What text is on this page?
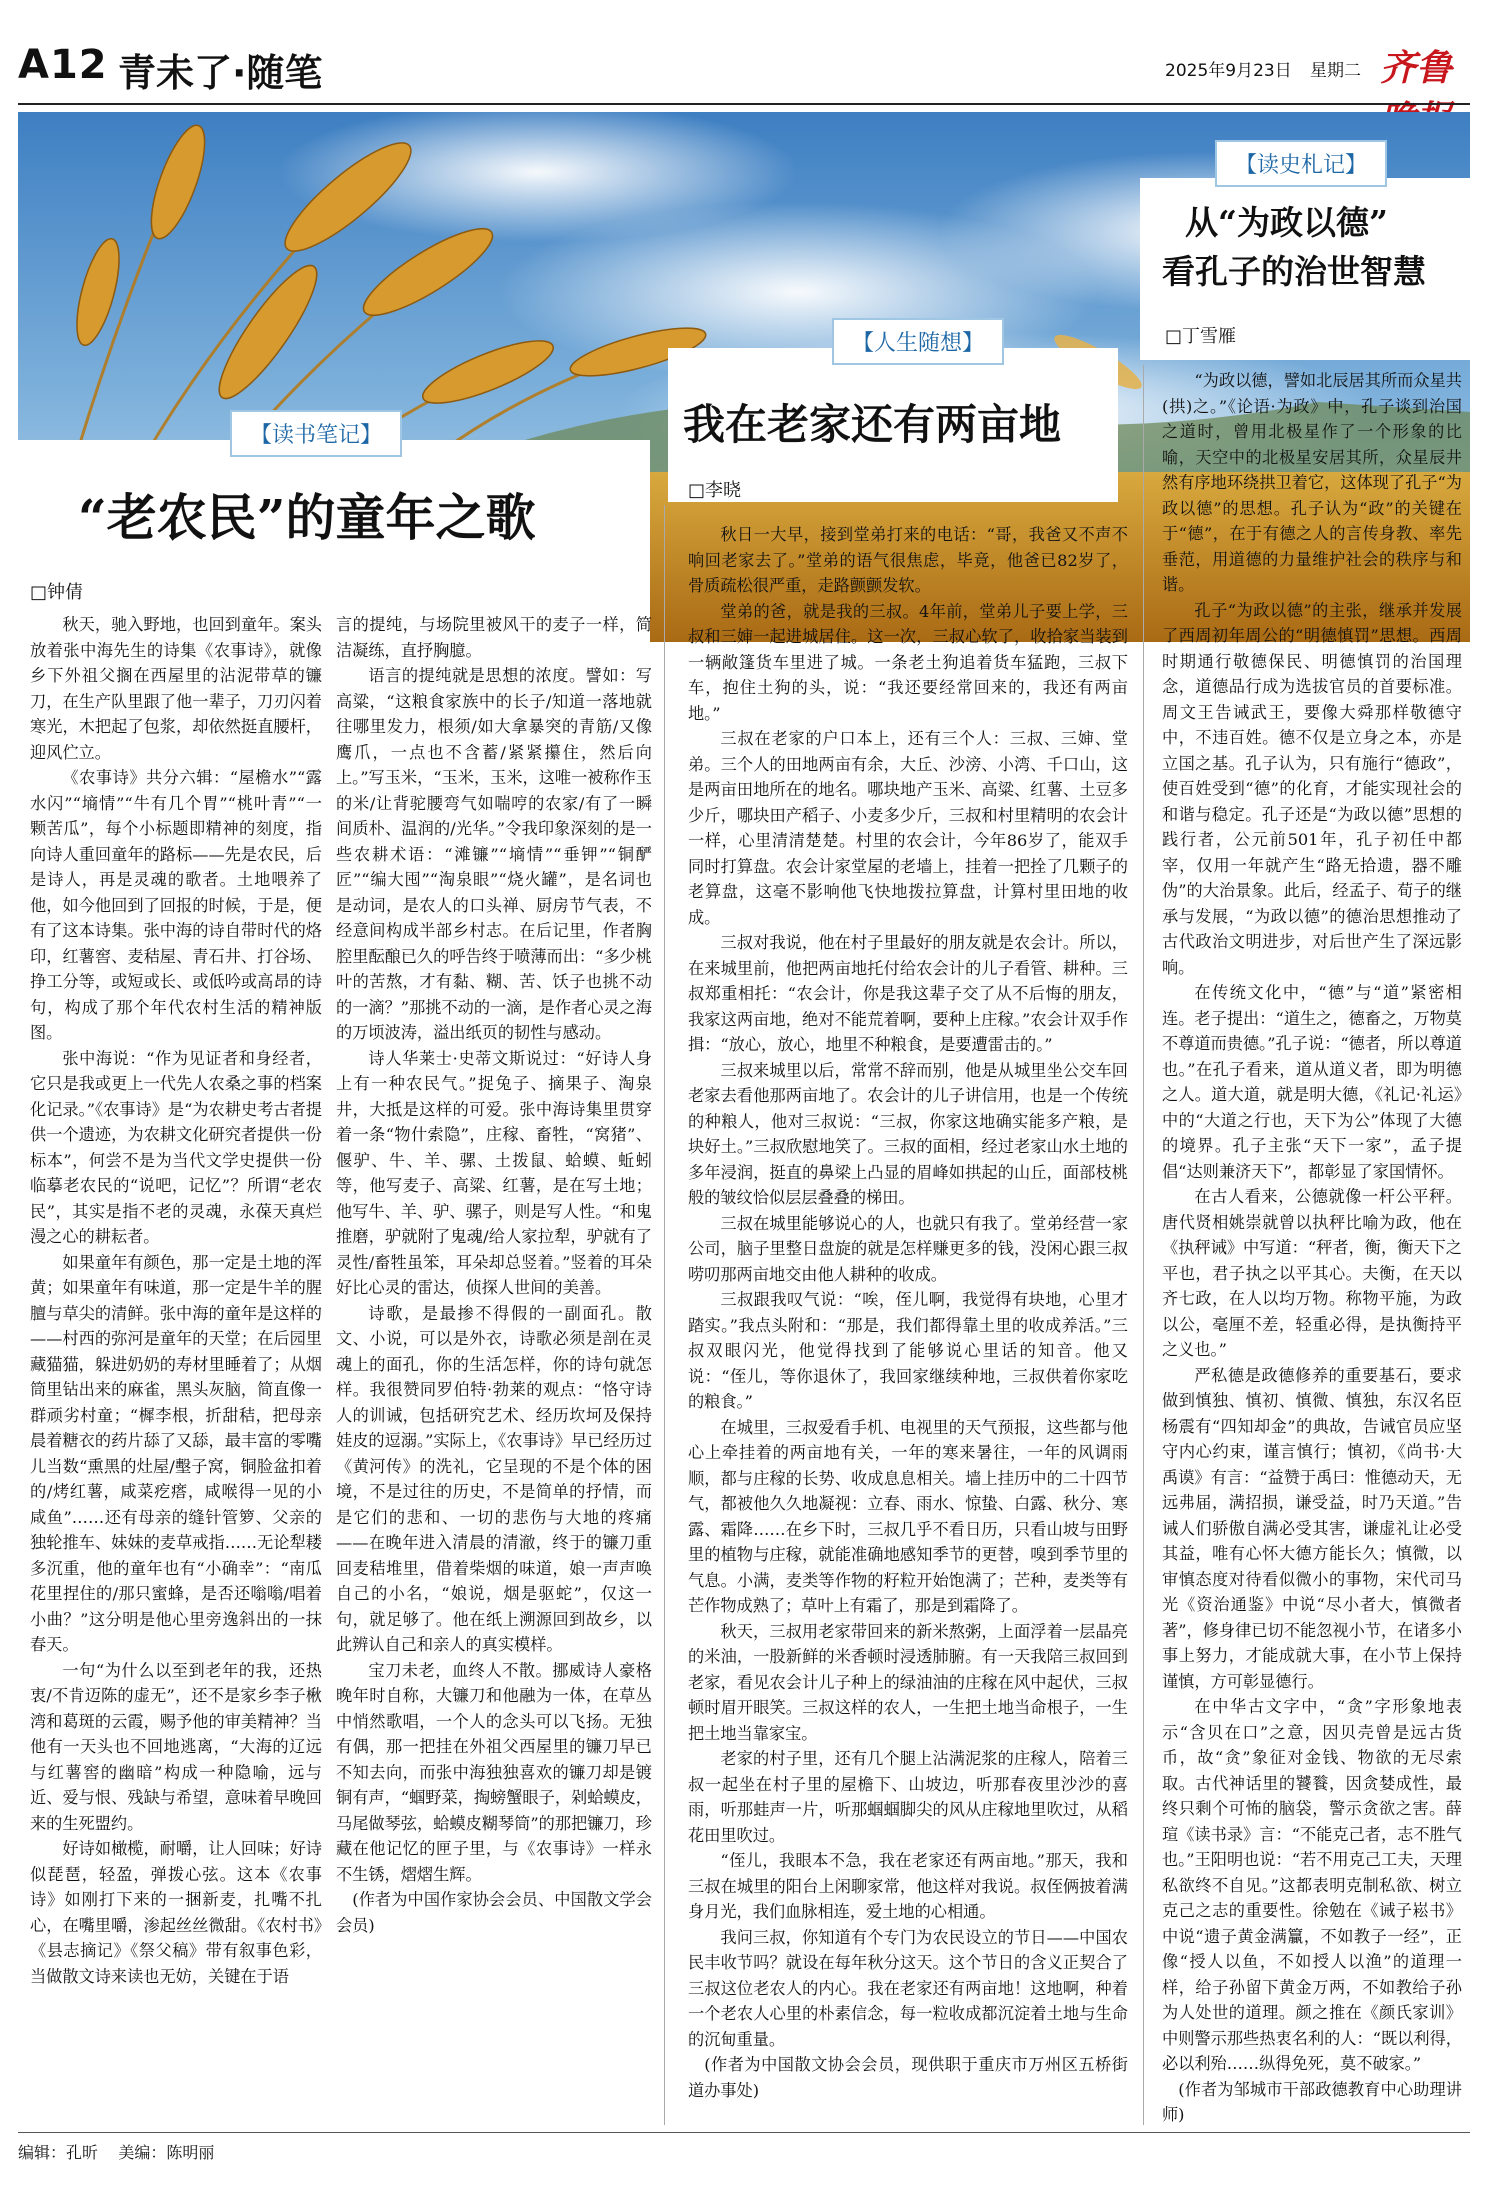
A12 青未了·随笔	2025年9月23日 星期二 齐鲁
【读史札记】
从“为政以德”
看孔子的治世智慧
□丁雪雁
【人生随想】
我在老家还有两亩地
□李晓
【读书笔记】
“老农民”的童年之歌
□钟倩

秋天，驰入野地，也回到童年。案头放着张中海先生的诗集《农事诗》，就像乡下外祖父搁在西屋里的沾泥带草的镰刀，在生产队里跟了他一辈子，刀刃闪着寒光，木把起了包浆，却依然挺直腰杆，迎风伫立。

《农事诗》共分六辑：“屋檐水”“露水闪”“墒情”“牛有几个胃”“桃叶青”“一颗苦瓜”，每个小标题即精神的刻度，指向诗人重回童年的路标——先是农民，后是诗人，再是灵魂的歌者。土地喂养了他，如今他回到了回报的时候，于是，便有了这本诗集。张中海的诗自带时代的烙印，红薯窖、麦秸屋、青石井、打谷场、挣工分等，或短或长、或低吟或高昂的诗句，构成了那个年代农村生活的精神版图。

张中海说：“作为见证者和身经者，它只是我或更上一代先人农桑之事的档案化记录。”《农事诗》是“为农耕史考古者提供一个遗迹，为农耕文化研究者提供一份标本”，何尝不是为当代文学史提供一份临摹老农民的“说吧，记忆”？所谓“老农民”，其实是指不老的灵魂，永葆天真烂漫之心的耕耘者。

如果童年有颜色，那一定是土地的浑黄；如果童年有味道，那一定是牛羊的腥膻与草尖的清鲜。张中海的童年是这样的——村西的弥河是童年的天堂；在后园里藏猫猫，躲进奶奶的寿材里睡着了；从烟筒里钻出来的麻雀，黑头灰脑，简直像一群顽劣村童；“樨李根，折甜秸，把母亲晨着糖衣的药片舔了又舔，最丰富的零嘴儿当数“熏黑的灶屋/墼子窝，铜脸盆扣着的/烤红薯，咸菜疙瘩，咸喉得一见的小咸鱼”……还有母亲的缝针管箩、父亲的独轮推车、妹妹的麦草戒指……无论犁耧多沉重，他的童年也有“小确幸”：“南瓜花里捏住的/那只蜜蜂，是否还嗡嗡/唱着小曲？”这分明是他心里旁逸斜出的一抹春天。

一句“为什么以至到老年的我，还热衷/不肯迈陈的虚无”，还不是家乡李子楸湾和葛斑的云霞，赐予他的审美精神？当他有一天头也不回地逃离，“大海的辽远与红薯窖的幽暗”构成一种隐喻，远与近、爱与恨、残缺与希望，意味着早晚回来的生死盟约。

好诗如橄榄，耐嚼，让人回味；好诗似琵琶，轻盈，弹拨心弦。这本《农事诗》如刚打下来的一捆新麦，扎嘴不扎心，在嘴里嚼，渗起丝丝微甜。《农村书》《县志摘记》《祭父稿》带有叙事色彩，当做散文诗来读也无妨，关键在于语

言的提纯，与场院里被风干的麦子一样，简洁凝练，直抒胸臆。

语言的提纯就是思想的浓度。譬如：写高粱，“这粮食家族中的长子/知道一落地就往哪里发力，根须/如大拿暴突的青筋/又像鹰爪，一点也不含蓄/紧紧攥住，然后向上。”写玉米，“玉米，玉米，这唯一被称作玉的米/让背驼腰弯气如喘哼的农家/有了一瞬间质朴、温润的/光华。”令我印象深刻的是一些农耕术语：“滩镰”“墒情”“垂钾”“铜酽匠”“编大囤”“淘泉眼”“烧火罐”，是名词也是动词，是农人的口头禅、厨房节气表，不经意间构成半部乡村志。在后记里，作者胸腔里酝酿已久的呼告终于喷薄而出：“多少桃叶的苦熬，才有黏、糊、苦、饫子也挑不动的一滴？”那挑不动的一滴，是作者心灵之海的万顷波涛，溢出纸页的韧性与感动。

诗人华莱士·史蒂文斯说过：“好诗人身上有一种农民气。”捉兔子、摘果子、淘泉井，大抵是这样的可爱。张中海诗集里贯穿着一条“物什索隐”，庄稼、畜牲，“窝猪”、偃驴、牛、羊、骡、土拨鼠、蛤蟆、蚯蚓等，他写麦子、高粱、红薯，是在写土地；他写牛、羊、驴、骡子，则是写人性。“和鬼推磨，驴就附了鬼魂/给人家拉犁，驴就有了灵性/畜牲虽笨，耳朵却总竖着。”竖着的耳朵好比心灵的雷达，侦探人世间的美善。

诗歌，是最掺不得假的一副面孔。散文、小说，可以是外衣，诗歌必须是剖在灵魂上的面孔，你的生活怎样，你的诗句就怎样。我很赞同罗伯特·勃莱的观点：“恪守诗人的训诫，包括研究艺术、经历坎坷及保持娃皮的逗溺。”实际上，《农事诗》早已经历过《黄河传》的洗礼，它呈现的不是个体的困境，不是过往的历史，不是简单的抒情，而是它们的悲和、一切的悲伤与大地的疼痛——在晚年进入清晨的清澈，终于的镰刀重回麦秸堆里，借着柴烟的味道，娘一声声唤自己的小名，“娘说，烟是驱蛇”，仅这一句，就足够了。他在纸上溯源回到故乡，以此辨认自己和亲人的真实模样。

宝刀未老，血终人不散。挪威诗人豪格晚年时自称，大镰刀和他融为一体，在草丛中悄然歌唱，一个人的念头可以飞扬。无独有偶，那一把挂在外祖父西屋里的镰刀早已不知去向，而张中海独独喜欢的镰刀却是镀铜有声，“蝈野菜，掏螃蟹眼子，剁蛤蟆皮，马尾做琴弦，蛤蟆皮糊琴筒”的那把镰刀，珍藏在他记忆的匣子里，与《农事诗》一样永不生锈，熠熠生辉。

(作者为中国作家协会会员、中国散文学会会员)

秋日一大早，接到堂弟打来的电话：“哥，我爸又不声不响回老家去了。”堂弟的语气很焦虑，毕竟，他爸已82岁了，骨质疏松很严重，走路颤颤发软。

堂弟的爸，就是我的三叔。4年前，堂弟儿子要上学，三叔和三婶一起进城居住。这一次，三叔心软了，收拾家当装到一辆敞篷货车里进了城。一条老土狗追着货车猛跑，三叔下车，抱住土狗的头，说：“我还要经常回来的，我还有两亩地。”

三叔在老家的户口本上，还有三个人：三叔、三婶、堂弟。三个人的田地两亩有余，大丘、沙滂、小湾、千口山，这是两亩田地所在的地名。哪块地产玉米、高粱、红薯、土豆多少斤，哪块田产稻子、小麦多少斤，三叔和村里精明的农会计一样，心里清清楚楚。村里的农会计，今年86岁了，能双手同时打算盘。农会计家堂屋的老墙上，挂着一把拴了几颗子的老算盘，这毫不影响他飞快地拨拉算盘，计算村里田地的收成。

三叔对我说，他在村子里最好的朋友就是农会计。所以，在来城里前，他把两亩地托付给农会计的儿子看管、耕种。三叔郑重相托：“农会计，你是我这辈子交了从不后悔的朋友，我家这两亩地，绝对不能荒着啊，要种上庄稼。”农会计双手作揖：“放心，放心，地里不种粮食，是要遭雷击的。”

三叔来城里以后，常常不辞而别，他是从城里坐公交车回老家去看他那两亩地了。农会计的儿子讲信用，也是一个传统的种粮人，他对三叔说：“三叔，你家这地确实能多产粮，是块好土。”三叔欣慰地笑了。三叔的面相，经过老家山水土地的多年浸润，挺直的鼻梁上凸显的眉峰如拱起的山丘，面部枝桃般的皱纹恰似层层叠叠的梯田。

三叔在城里能够说心的人，也就只有我了。堂弟经营一家公司，脑子里整日盘旋的就是怎样赚更多的钱，没闲心跟三叔唠叨那两亩地交由他人耕种的收成。

三叔跟我叹气说：“唉，侄儿啊，我觉得有块地，心里才踏实。”我点头附和：“那是，我们都得靠土里的收成养活。”三叔双眼闪光，他觉得找到了能够说心里话的知音。他又说：“侄儿，等你退休了，我回家继续种地，三叔供着你家吃的粮食。”

在城里，三叔爱看手机、电视里的天气预报，这些都与他心上牵挂着的两亩地有关，一年的寒来暑往，一年的风调雨顺，都与庄稼的长势、收成息息相关。墙上挂历中的二十四节气，都被他久久地凝视：立春、雨水、惊蛰、白露、秋分、寒露、霜降……在乡下时，三叔几乎不看日历，只看山坡与田野里的植物与庄稼，就能准确地感知季节的更替，嗅到季节里的气息。小满，麦类等作物的籽粒开始饱满了；芒种，麦类等有芒作物成熟了；草叶上有霜了，那是到霜降了。

秋天，三叔用老家带回来的新米熬粥，上面浮着一层晶亮的米油，一股新鲜的米香顿时浸透肺腑。有一天我陪三叔回到老家，看见农会计儿子种上的绿油油的庄稼在风中起伏，三叔顿时眉开眼笑。三叔这样的农人，一生把土地当命根子，一生把土地当靠家宝。

老家的村子里，还有几个腿上沾满泥浆的庄稼人，陪着三叔一起坐在村子里的屋檐下、山坡边，听那春夜里沙沙的喜雨，听那蛙声一片，听那蝈蝈脚尖的风从庄稼地里吹过，从稻花田里吹过。

“侄儿，我眼本不急，我在老家还有两亩地。”那天，我和三叔在城里的阳台上闲聊家常，他这样对我说。叔侄俩披着满身月光，我们血脉相连，爱土地的心相通。

我问三叔，你知道有个专门为农民设立的节日——中国农民丰收节吗？就设在每年秋分这天。这个节日的含义正契合了三叔这位老农人的内心。我在老家还有两亩地！这地啊，种着一个老农人心里的朴素信念，每一粒收成都沉淀着土地与生命的沉甸重量。

(作者为中国散文协会会员，现供职于重庆市万州区五桥街道办事处)

“为政以德，譬如北辰居其所而众星共(拱)之。”《论语·为政》中，孔子谈到治国之道时，曾用北极星作了一个形象的比喻，天空中的北极星安居其所，众星辰井然有序地环绕拱卫着它，这体现了孔子“为政以德”的思想。孔子认为“政”的关键在于“德”，在于有德之人的言传身教、率先垂范，用道德的力量维护社会的秩序与和谐。

孔子“为政以德”的主张，继承并发展了西周初年周公的“明德慎罚”思想。西周时期通行敬德保民、明德慎罚的治国理念，道德品行成为选拔官员的首要标准。周文王告诫武王，要像大舜那样敬德守中，不违百姓。德不仅是立身之本，亦是立国之基。孔子认为，只有施行“德政”，使百姓受到“德”的化育，才能实现社会的和谐与稳定。孔子还是“为政以德”思想的践行者，公元前501年，孔子初任中都宰，仅用一年就产生“路无拾遗，器不雕伪”的大治景象。此后，经孟子、荀子的继承与发展，“为政以德”的德治思想推动了古代政治文明进步，对后世产生了深远影响。

在传统文化中，“德”与“道”紧密相连。老子提出：“道生之，德畜之，万物莫不尊道而贵德。”孔子说：“德者，所以尊道也。”在孔子看来，道从道义者，即为明德之人。道大道，就是明大德，《礼记·礼运》中的“大道之行也，天下为公”体现了大德的境界。孔子主张“天下一家”，孟子提倡“达则兼济天下”，都彰显了家国情怀。

在古人看来，公德就像一杆公平秤。唐代贤相姚崇就曾以执秤比喻为政，他在《执秤诫》中写道：“秤者，衡，衡天下之平也，君子执之以平其心。夫衡，在天以齐七政，在人以均万物。称物平施，为政以公，毫厘不差，轻重必得，是执衡持平之义也。”

严私德是政德修养的重要基石，要求做到慎独、慎初、慎微、慎独，东汉名臣杨震有“四知却金”的典故，告诫官员应坚守内心约束，谨言慎行；慎初，《尚书·大禹谟》有言：“益赞于禹曰：惟德动天，无远弗届，满招损，谦受益，时乃天道。”告诫人们骄傲自满必受其害，谦虚礼让必受其益，唯有心怀大德方能长久；慎微，以审慎态度对待看似微小的事物，宋代司马光《资治通鉴》中说“尽小者大，慎微者著”，修身律已切不能忽视小节，在诸多小事上努力，才能成就大事，在小节上保持谨慎，方可彰显德行。

在中华古文字中，“贪”字形象地表示“含贝在口”之意，因贝壳曾是远古货币，故“贪”象征对金钱、物欲的无尽索取。古代神话里的饕餮，因贪婪成性，最终只剩个可怖的脑袋，警示贪欲之害。薛瑄《读书录》言：“不能克己者，志不胜气也。”王阳明也说：“若不用克己工夫，天理私欲终不自见。”这都表明克制私欲、树立克己之志的重要性。徐勉在《诫子崧书》中说“遗子黄金满籯，不如教子一经”，正像“授人以鱼，不如授人以渔”的道理一样，给子孙留下黄金万两，不如教给子孙为人处世的道理。颜之推在《颜氏家训》中则警示那些热衷名利的人：“既以利得，必以利殆……纵得免死，莫不破家。”

(作者为邹城市干部政德教育中心助理讲师)

编辑：孔昕 美编：陈明丽
